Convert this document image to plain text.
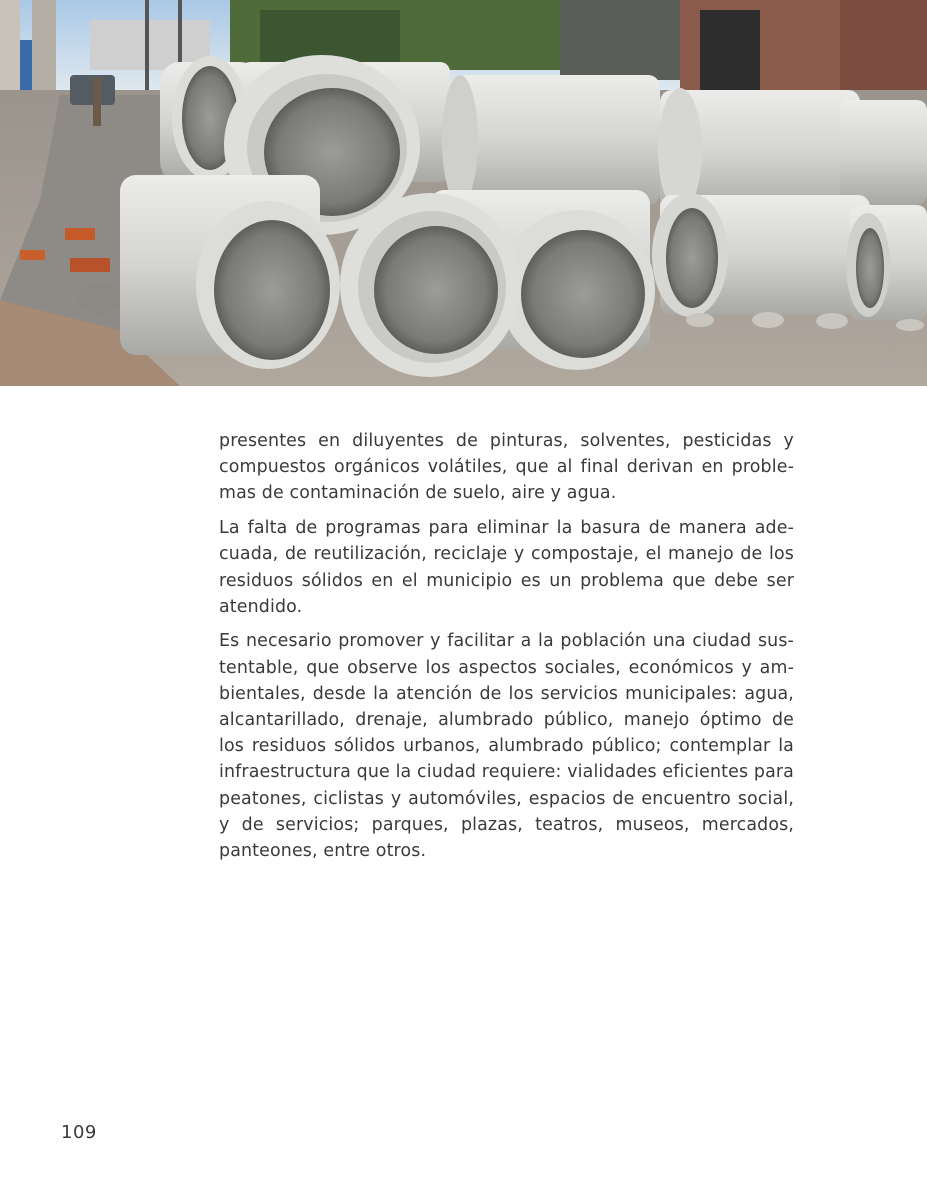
presentes en diluyentes de pinturas, solventes, pesticidas y compuestos orgánicos volátiles, que al final derivan en proble-mas de contaminación de suelo, aire y agua.

La falta de programas para eliminar la basura de manera ade-cuada, de reutilización, reciclaje y compostaje, el manejo de los residuos sólidos en el municipio es un problema que debe ser atendido.

Es necesario promover y facilitar a la población una ciudad sus-tentable, que observe los aspectos sociales, económicos y am-bientales, desde la atención de los servicios municipales: agua, alcantarillado, drenaje, alumbrado público, manejo óptimo de los residuos sólidos urbanos, alumbrado público; contemplar la infraestructura que la ciudad requiere: vialidades eficientes para peatones, ciclistas y automóviles, espacios de encuentro social, y de servicios; parques, plazas, teatros, museos, mercados, panteones, entre otros.

109
